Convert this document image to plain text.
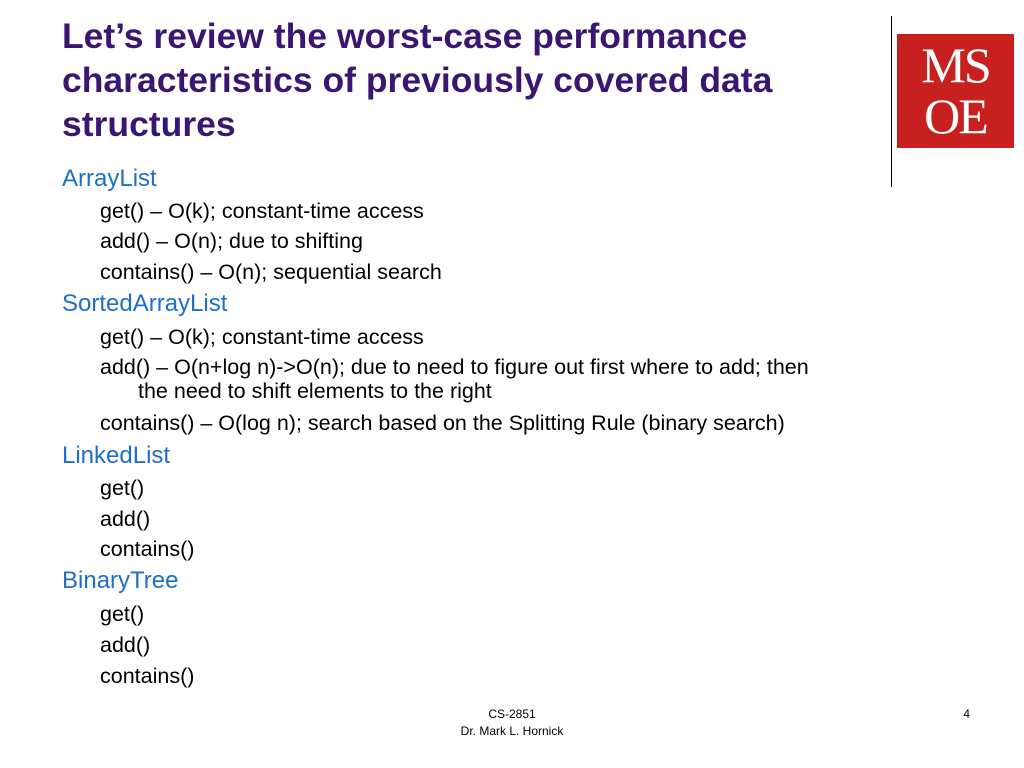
Let’s review the worst-case performance
characteristics of previously covered data
structures
MS
OE
ArrayList
get() – O(k); constant-time access
add() – O(n); due to shifting
contains() – O(n); sequential search
SortedArrayList
get() – O(k); constant-time access
add() – O(n+log n)->O(n); due to need to figure out first where to add; then
the need to shift elements to the right
contains() – O(log n); search based on the Splitting Rule (binary search)
LinkedList
get()
add()
contains()
BinaryTree
get()
add()
contains()
CS-2851
Dr. Mark L. Hornick
4
